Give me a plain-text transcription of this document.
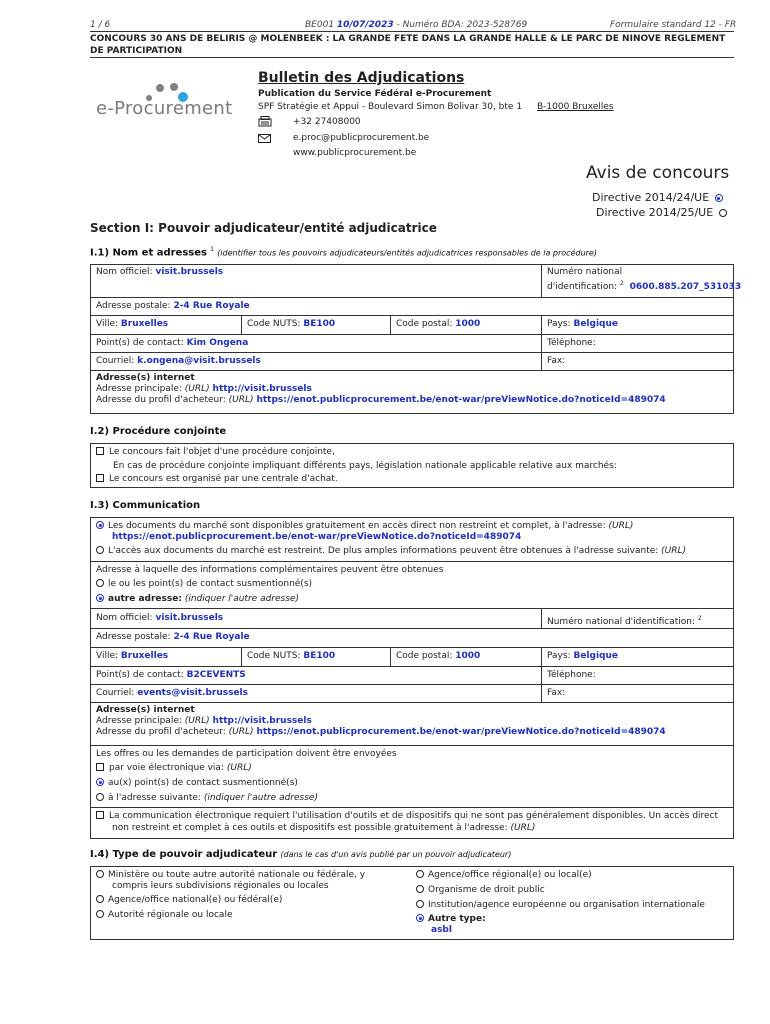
1 / 6	BE001 10/07/2023 - Numéro BDA: 2023-528769	Formulaire standard 12 - FR
CONCOURS 30 ANS DE BELIRIS @ MOLENBEEK : LA GRANDE FETE DANS LA GRANDE HALLE & LE PARC DE NINOVE REGLEMENT DE PARTICIPATION
e-Procurement
Bulletin des Adjudications
Publication du Service Fédéral e-Procurement
SPF Stratégie et Appui - Boulevard Simon Bolivar 30, bte 1 B-1000 Bruxelles
+32 27408000
e.proc@publicprocurement.be
www.publicprocurement.be
Avis de concours
Directive 2014/24/UE
Directive 2014/25/UE
Section I: Pouvoir adjudicateur/entité adjudicatrice
I.1) Nom et adresses $^1$ (identifier tous les pouvoirs adjudicateurs/entités adjudicatrices responsables de la procédure)
Nom officiel: visit.brussels	Numéro national
d'identification: $^2$ 0600.885.207_531033
Adresse postale: 2-4 Rue Royale
Ville: Bruxelles	Code NUTS: BE100	Code postal: 1000	Pays: Belgique
Point(s) de contact: Kim Ongena	Téléphone:
Courriel: k.ongena@visit.brussels	Fax:
Adresse(s) internet
Adresse principale: (URL) http://visit.brussels
Adresse du profil d'acheteur: (URL) https://enot.publicprocurement.be/enot-war/preViewNotice.do?noticeId=489074
I.2) Procédure conjointe
Le concours fait l'objet d'une procédure conjointe,
En cas de procédure conjointe impliquant différents pays, législation nationale applicable relative aux marchés:
Le concours est organisé par une centrale d'achat.
I.3) Communication
Les documents du marché sont disponibles gratuitement en accès direct non restreint et complet, à l'adresse: (URL)
https://enot.publicprocurement.be/enot-war/preViewNotice.do?noticeId=489074
L'accès aux documents du marché est restreint. De plus amples informations peuvent être obtenues à l'adresse suivante: (URL)
Adresse à laquelle des informations complémentaires peuvent être obtenues
le ou les point(s) de contact susmentionné(s)
autre adresse: (indiquer l'autre adresse)
Nom officiel: visit.brussels	Numéro national d'identification: $^2$
Adresse postale: 2-4 Rue Royale
Ville: Bruxelles	Code NUTS: BE100	Code postal: 1000	Pays: Belgique
Point(s) de contact: B2CEVENTS	Téléphone:
Courriel: events@visit.brussels	Fax:
Adresse(s) internet
Adresse principale: (URL) http://visit.brussels
Adresse du profil d'acheteur: (URL) https://enot.publicprocurement.be/enot-war/preViewNotice.do?noticeId=489074
Les offres ou les demandes de participation doivent être envoyées
par voie électronique via: (URL)
au(x) point(s) de contact susmentionné(s)
à l'adresse suivante: (indiquer l'autre adresse)
La communication électronique requiert l'utilisation d'outils et de dispositifs qui ne sont pas généralement disponibles. Un accès direct
non restreint et complet à ces outils et dispositifs est possible gratuitement à l'adresse: (URL)
I.4) Type de pouvoir adjudicateur (dans le cas d'un avis publié par un pouvoir adjudicateur)
Ministère ou toute autre autorité nationale ou fédérale, y
compris leurs subdivisions régionales ou locales
Agence/office national(e) ou fédéral(e)
Autorité régionale ou locale
Agence/office régional(e) ou local(e)
Organisme de droit public
Institution/agence européenne ou organisation internationale
Autre type:
asbl
